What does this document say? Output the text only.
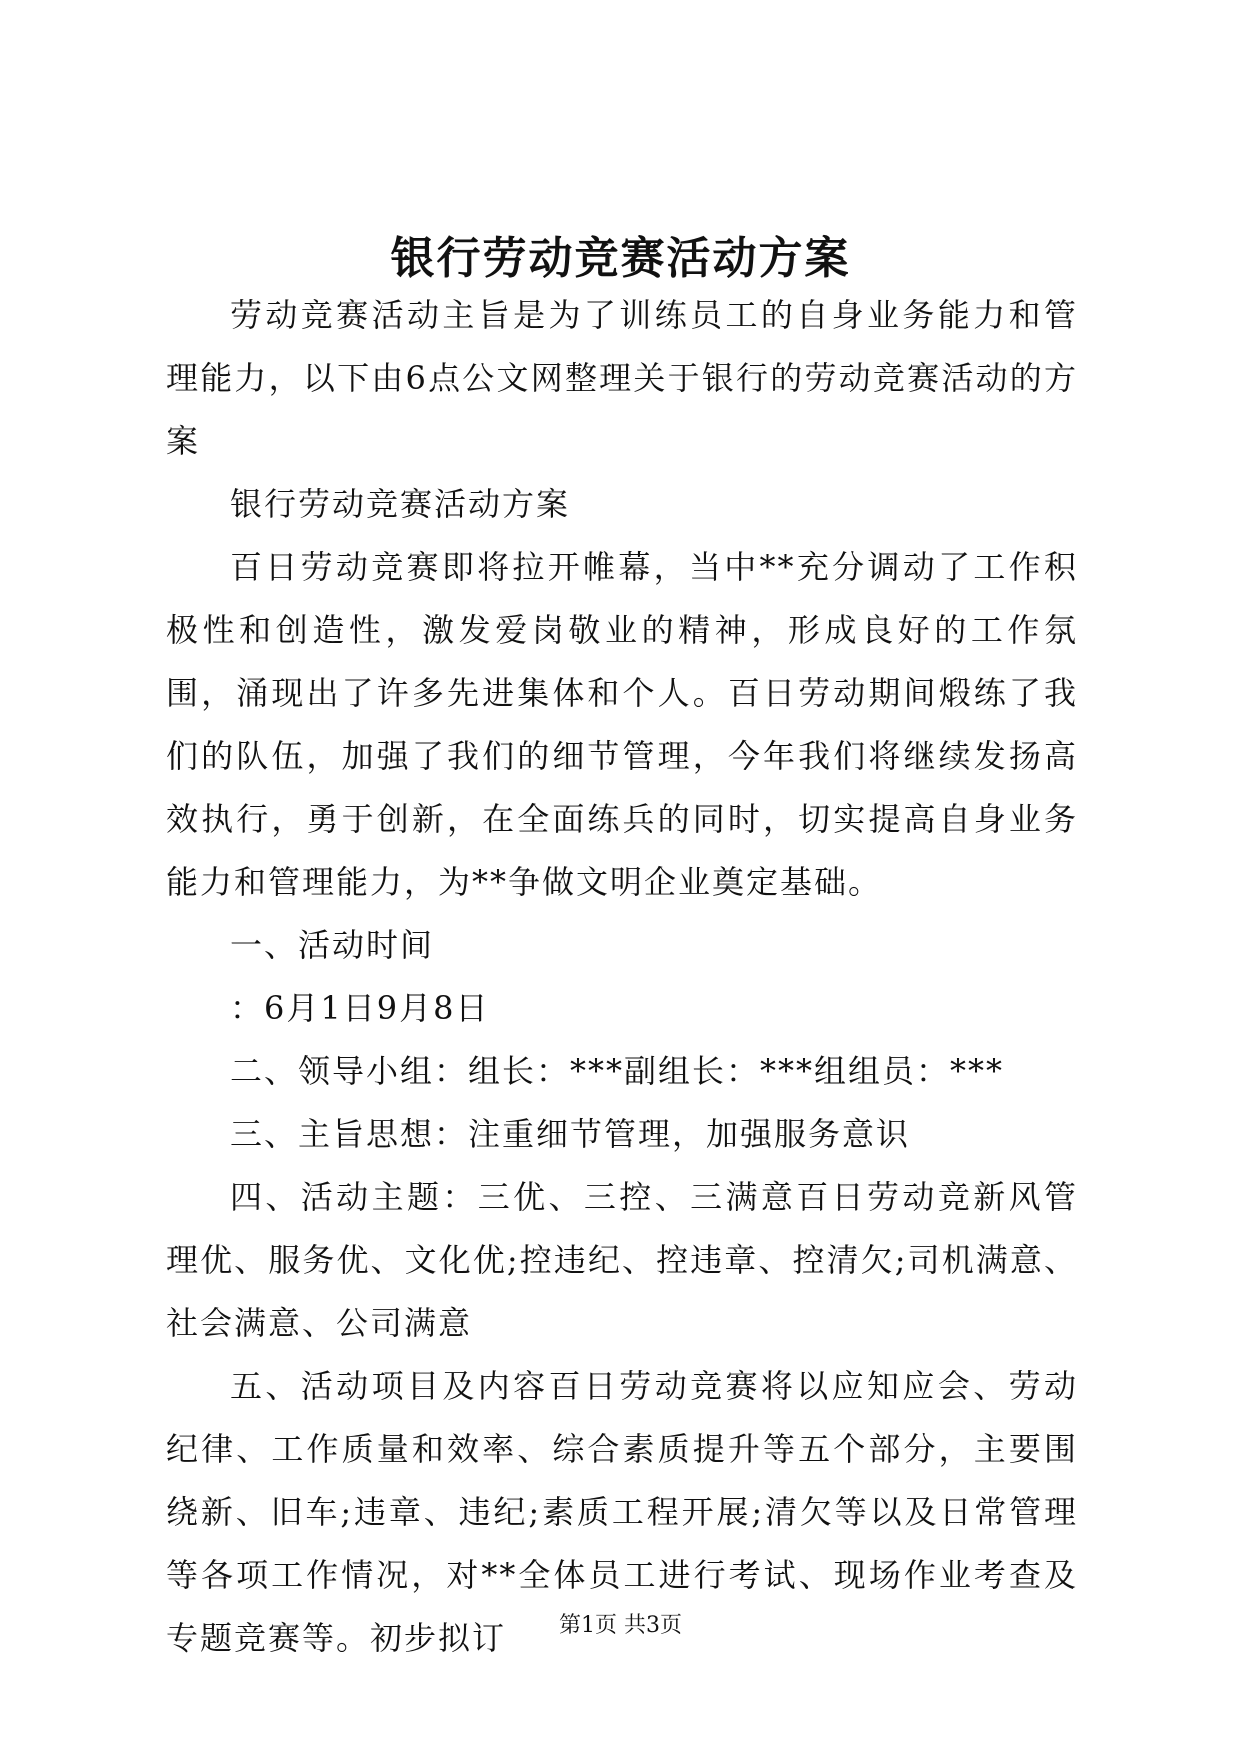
银行劳动竞赛活动方案

劳动竞赛活动主旨是为了训练员工的自身业务能力和管理能力，以下由6点公文网整理关于银行的劳动竞赛活动的方案

银行劳动竞赛活动方案

百日劳动竞赛即将拉开帷幕，当中**充分调动了工作积极性和创造性，激发爱岗敬业的精神，形成良好的工作氛围，涌现出了许多先进集体和个人。百日劳动期间煅练了我们的队伍，加强了我们的细节管理，今年我们将继续发扬高效执行，勇于创新，在全面练兵的同时，切实提高自身业务能力和管理能力，为**争做文明企业奠定基础。

一、活动时间

：6月1日9月8日

二、领导小组：组长：***副组长：***组组员：***

三、主旨思想：注重细节管理，加强服务意识

四、活动主题：三优、三控、三满意百日劳动竞新风管理优、服务优、文化优;控违纪、控违章、控清欠;司机满意、社会满意、公司满意

五、活动项目及内容百日劳动竞赛将以应知应会、劳动纪律、工作质量和效率、综合素质提升等五个部分，主要围绕新、旧车;违章、违纪;素质工程开展;清欠等以及日常管理等各项工作情况，对**全体员工进行考试、现场作业考查及专题竞赛等。初步拟订	第1页 共3页
